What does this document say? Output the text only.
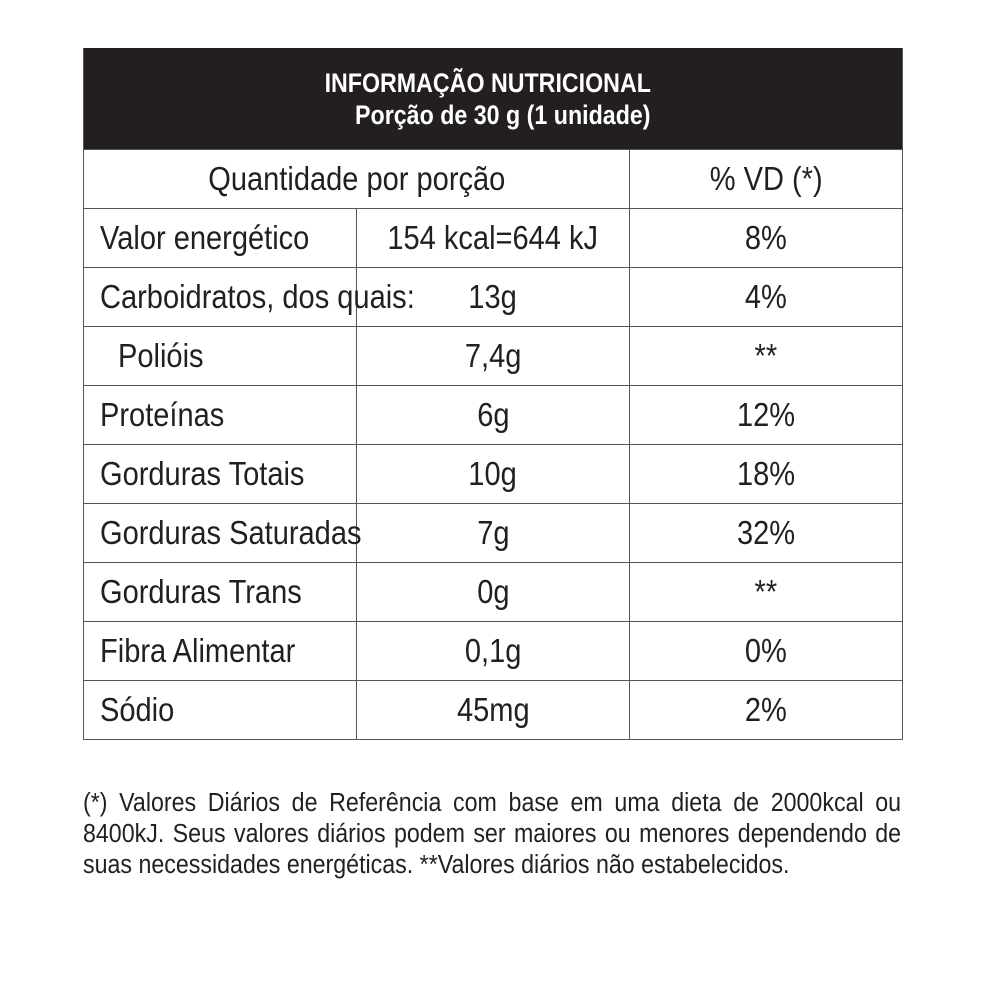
INFORMAÇÃO NUTRICIONAL
Porção de 30 g (1 unidade)
Quantidade por porção		% VD (*)
Valor energético	154 kcal=644 kJ	8%
Carboidratos, dos quais:	13g	4%
Polióis	7,4g	**
Proteínas	6g	12%
Gorduras Totais	10g	18%
Gorduras Saturadas	7g	32%
Gorduras Trans	0g	**
Fibra Alimentar	0,1g	0%
Sódio	45mg	2%
(*) Valores Diários de Referência com base em uma dieta de 2000kcal ou 8400kJ. Seus valores diários podem ser maiores ou menores dependendo de suas necessidades energéticas. **Valores diários não estabelecidos.
